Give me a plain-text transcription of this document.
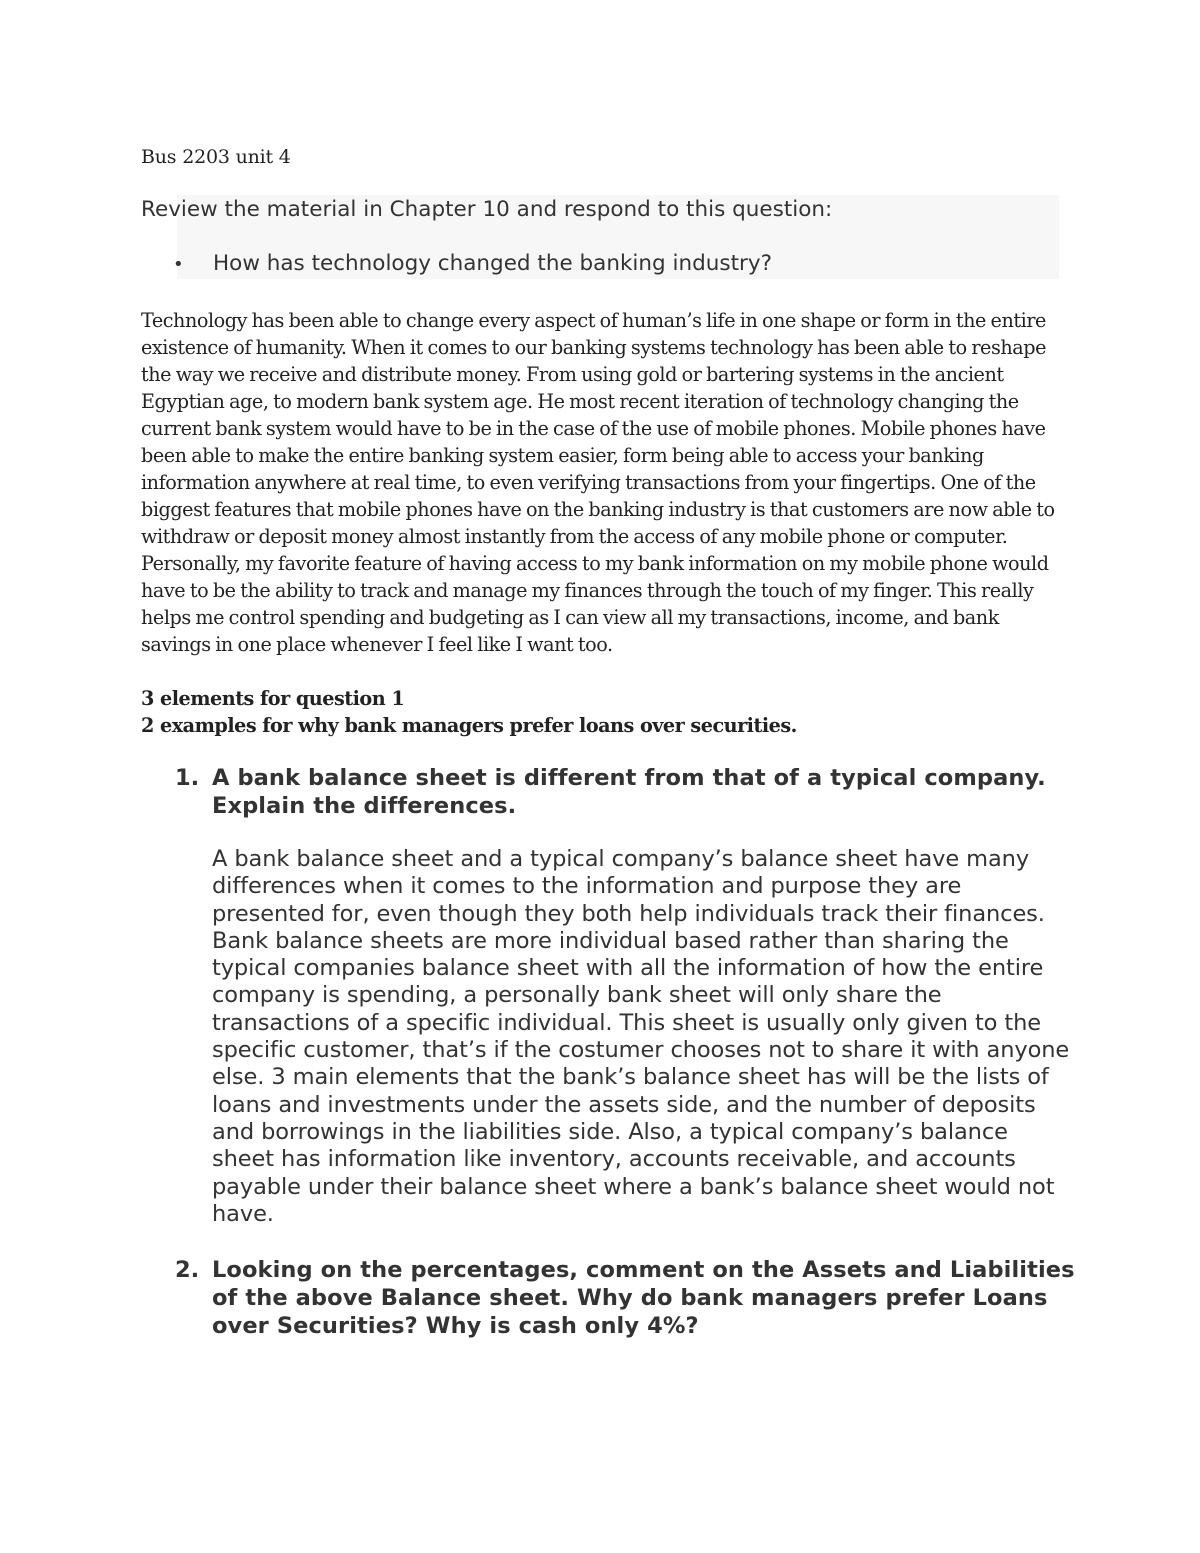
Bus 2203 unit 4
Review the material in Chapter 10 and respond to this question:
• How has technology changed the banking industry?
Technology has been able to change every aspect of human’s life in one shape or form in the entire existence of humanity. When it comes to our banking systems technology has been able to reshape the way we receive and distribute money. From using gold or bartering systems in the ancient Egyptian age, to modern bank system age. He most recent iteration of technology changing the current bank system would have to be in the case of the use of mobile phones. Mobile phones have been able to make the entire banking system easier, form being able to access your banking information anywhere at real time, to even verifying transactions from your fingertips. One of the biggest features that mobile phones have on the banking industry is that customers are now able to withdraw or deposit money almost instantly from the access of any mobile phone or computer. Personally, my favorite feature of having access to my bank information on my mobile phone would have to be the ability to track and manage my finances through the touch of my finger. This really helps me control spending and budgeting as I can view all my transactions, income, and bank savings in one place whenever I feel like I want too.
3 elements for question 1
2 examples for why bank managers prefer loans over securities.
1. A bank balance sheet is different from that of a typical company. Explain the differences.
A bank balance sheet and a typical company’s balance sheet have many differences when it comes to the information and purpose they are presented for, even though they both help individuals track their finances. Bank balance sheets are more individual based rather than sharing the typical companies balance sheet with all the information of how the entire company is spending, a personally bank sheet will only share the transactions of a specific individual. This sheet is usually only given to the specific customer, that’s if the costumer chooses not to share it with anyone else. 3 main elements that the bank’s balance sheet has will be the lists of loans and investments under the assets side, and the number of deposits and borrowings in the liabilities side. Also, a typical company’s balance sheet has information like inventory, accounts receivable, and accounts payable under their balance sheet where a bank’s balance sheet would not have.
2. Looking on the percentages, comment on the Assets and Liabilities of the above Balance sheet. Why do bank managers prefer Loans over Securities? Why is cash only 4%?
